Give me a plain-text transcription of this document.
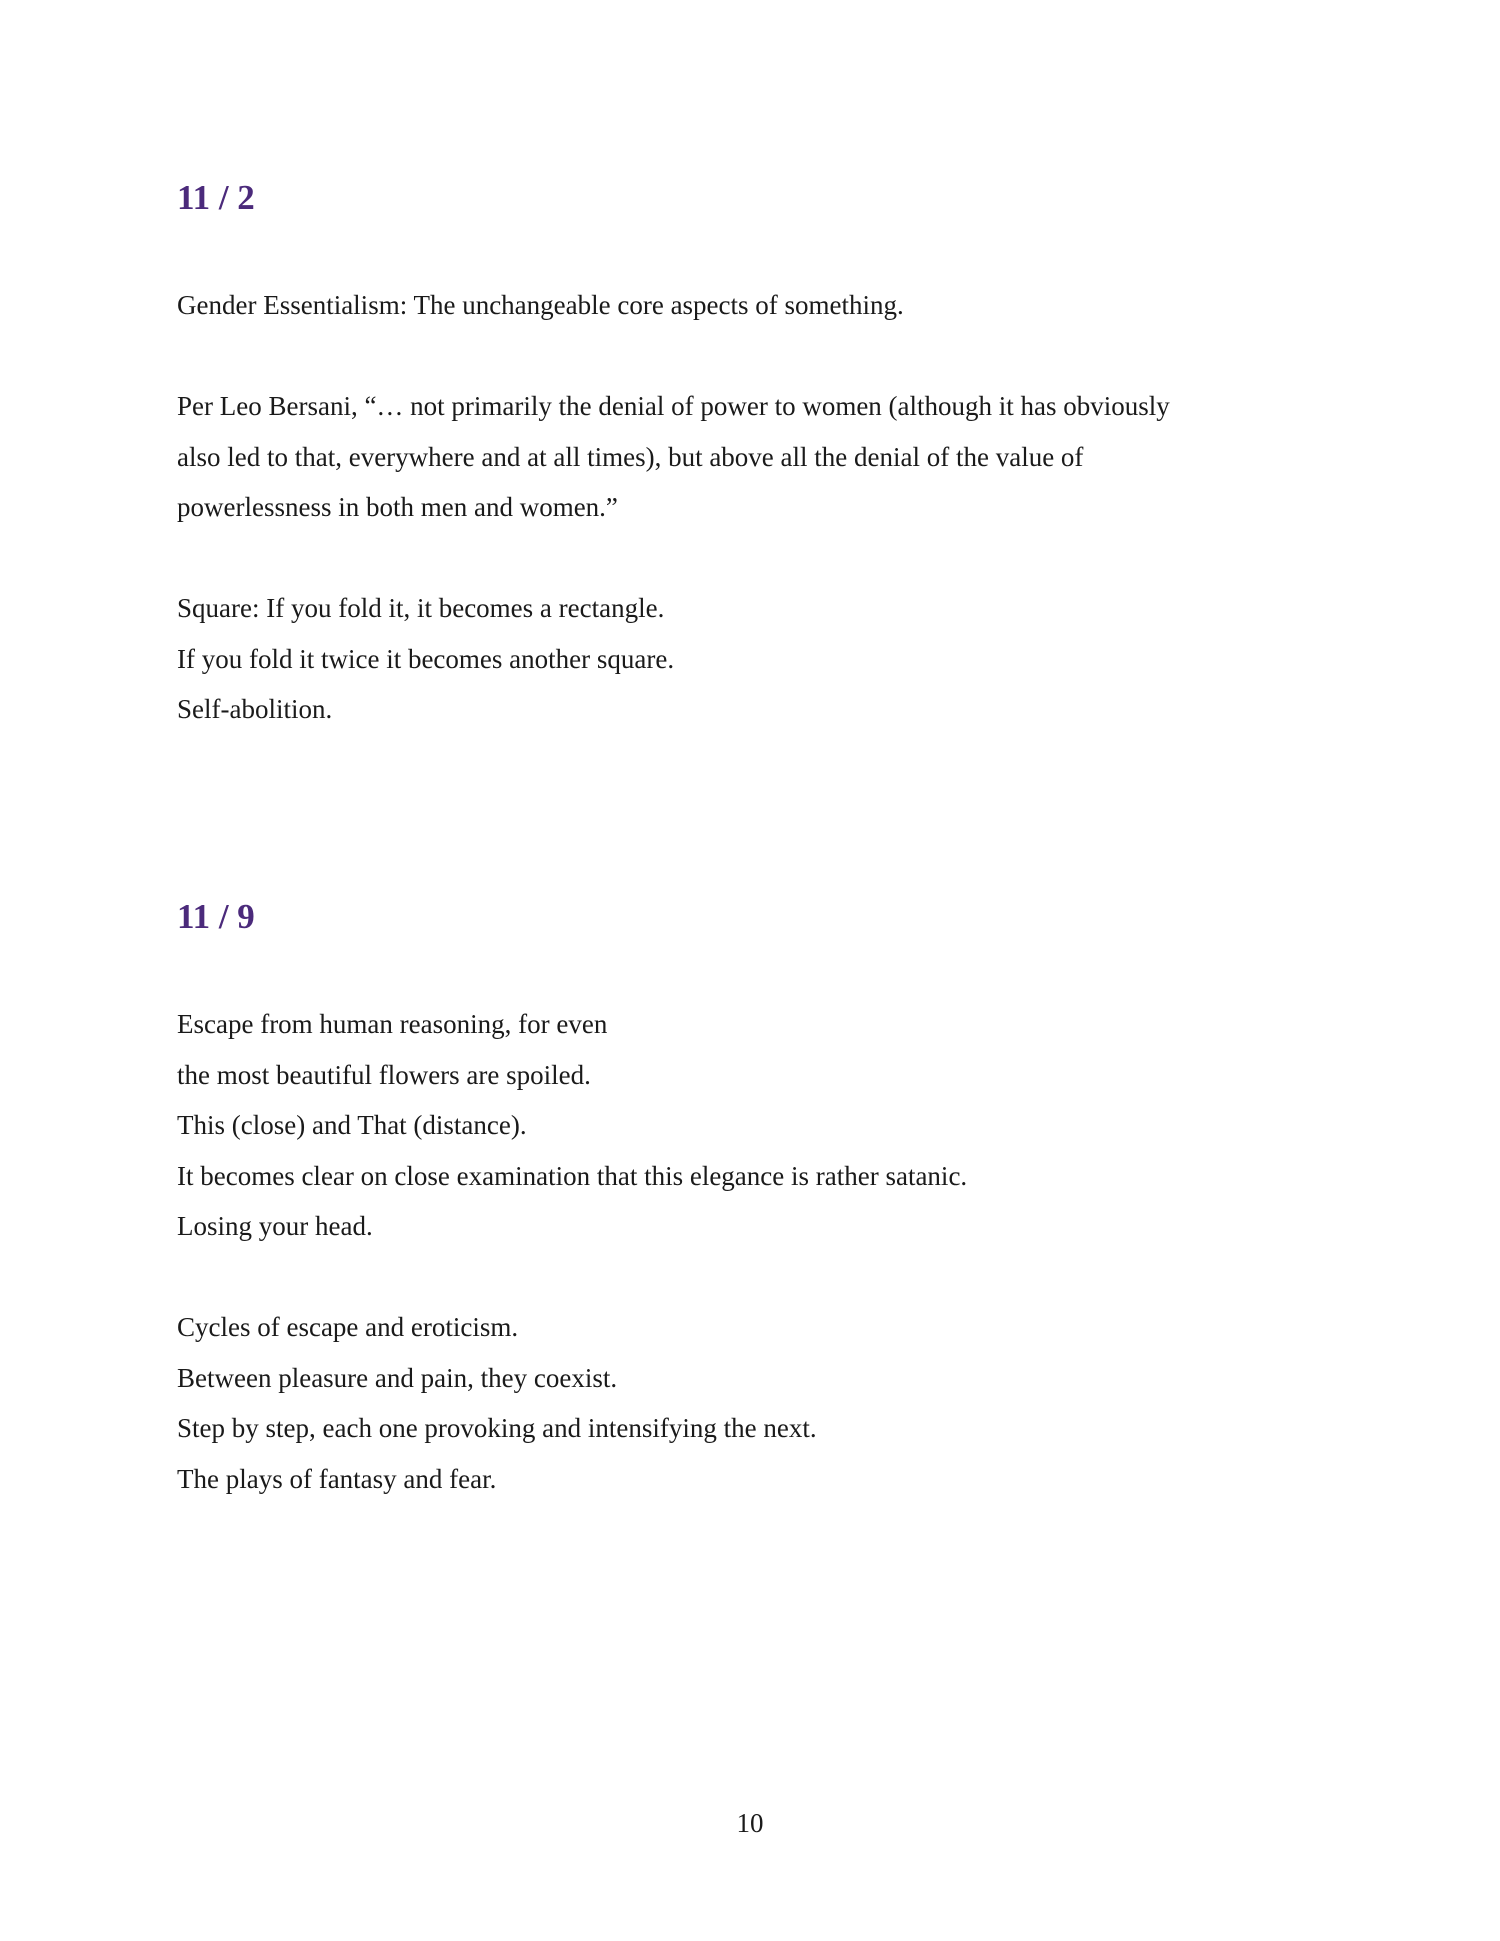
11 / 2

Gender Essentialism: The unchangeable core aspects of something.

Per Leo Bersani, “… not primarily the denial of power to women (although it has obviously
also led to that, everywhere and at all times), but above all the denial of the value of
powerlessness in both men and women.”

Square: If you fold it, it becomes a rectangle.
If you fold it twice it becomes another square.
Self-abolition.

11 / 9

Escape from human reasoning, for even
the most beautiful flowers are spoiled.
This (close) and That (distance).
It becomes clear on close examination that this elegance is rather satanic.
Losing your head.

Cycles of escape and eroticism.
Between pleasure and pain, they coexist.
Step by step, each one provoking and intensifying the next.
The plays of fantasy and fear.

10
